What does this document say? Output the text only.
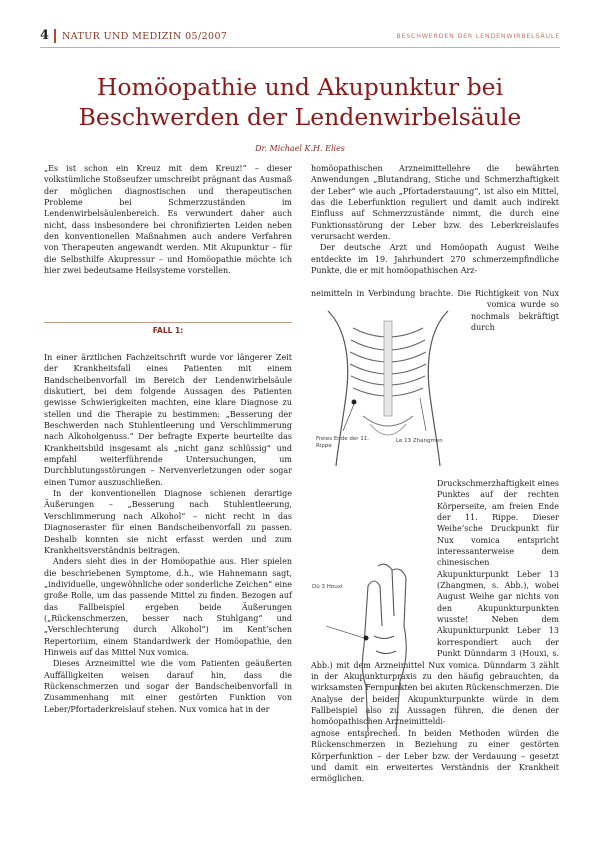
4	NATUR UND MEDIZIN 05/2007	BESCHWERDEN DER LENDENWIRBELSÄULE
Homöopathie und Akupunktur bei
Beschwerden der Lendenwirbelsäule
Dr. Michael K.H. Elies

„Es ist schon ein Kreuz mit dem Kreuz!“ – dieser volkstümliche Stoßseufzer umschreibt prägnant das Ausmaß der möglichen diagnostischen und therapeutischen Probleme bei Schmerzzuständen im Lendenwirbelsäulenbereich. Es verwundert daher auch nicht, dass insbesondere bei chronifizierten Leiden neben den konventionellen Maßnahmen auch andere Verfahren von Therapeuten angewandt werden. Mit Akupunktur – für die Selbsthilfe Akupressur – und Homöopathie möchte ich hier zwei bedeutsame Heilsysteme vorstellen.

FALL 1:

In einer ärztlichen Fachzeitschrift wurde vor längerer Zeit der Krankheitsfall eines Patienten mit einem Bandscheibenvorfall im Bereich der Lendenwirbelsäule diskutiert, bei dem folgende Aussagen des Patienten gewisse Schwierigkeiten machten, eine klare Diagnose zu stellen und die Therapie zu bestimmen: „Besserung der Beschwerden nach Stuhlentleerung und Verschlimmerung nach Alkoholgenuss.“ Der befragte Experte beurteilte das Krankheitsbild insgesamt als „nicht ganz schlüssig“ und empfahl weiterführende Untersuchungen, um Durchblutungsstörungen – Nervenverletzungen oder sogar einen Tumor auszuschließen.

In der konventionellen Diagnose schienen derartige Äußerungen – „Besserung nach Stuhlentleerung, Verschlimmerung nach Alkohol“ – nicht recht in das Diagnoseraster für einen Bandscheibenvorfall zu passen. Deshalb konnten sie nicht erfasst werden und zum Krankheitsverständnis beitragen.

Anders sieht dies in der Homöopathie aus. Hier spielen die beschriebenen Symptome, d.h., wie Hahnemann sagt, „individuelle, ungewöhnliche oder sonderliche Zeichen“ eine große Rolle, um das passende Mittel zu finden. Bezogen auf das Fallbeispiel ergeben beide Äußerungen („Rückenschmerzen, besser nach Stuhlgang“ und „Verschlechterung durch Alkohol“) im Kent’schen Repertorium, einem Standardwerk der Homöopathie, den Hinweis auf das Mittel Nux vomica.

Dieses Arzneimittel wie die vom Patienten geäußerten Auffälligkeiten weisen darauf hin, dass die Rückenschmerzen und sogar der Bandscheibenvorfall in Zusammenhang mit einer gestörten Funktion von Leber/Pfortaderkreislauf stehen. Nux vomica hat in der

homöopathischen Arzneimittellehre die bewährten Anwendungen „Blutandrang, Stiche und Schmerzhaftigkeit der Leber“ wie auch „Pfortaderstauung“, ist also ein Mittel, das die Leberfunktion reguliert und damit auch indirekt Einfluss auf Schmerzzustände nimmt, die durch eine Funktionsstörung der Leber bzw. des Leberkreislaufes verursacht werden.

Der deutsche Arzt und Homöopath August Weihe entdeckte im 19. Jahrhundert 270 schmerzempfindliche Punkte, die er mit homöopathischen Arz-

neimitteln in Verbindung brachte. Die Richtigkeit von Nux vomica wurde so nochmals bekräftigt durch Druckschmerzhaftigkeit eines Punktes auf der rechten Körperseite, am freien Ende der 11. Rippe. Dieser Weihe’sche Druckpunkt für Nux vomica entspricht interessanterweise dem chinesischen Akupunkturpunkt Leber 13 (Zhangmen, s. Abb.), wobei August Weihe gar nichts von den Akupunkturpunkten wusste! Neben dem Akupunkturpunkt Leber 13 korrespondiert auch der Punkt Dünndarm 3 (Houxi, s. Abb.) mit dem Arzneimittel Nux vomica. Dünndarm 3 zählt in der Akupunkturpraxis zu den häufig gebrauchten, da wirksamsten Fernpunkten bei akuten Rückenschmerzen. Die Analyse der beiden Akupunkturpunkte würde in dem Fallbeispiel also zu Aussagen führen, die denen der homöopathischen Arzneimitteldi-

agnose entsprechen. In beiden Methoden würden die Rückenschmerzen in Beziehung zu einer gestörten Körperfunktion – der Leber bzw. der Verdauung – gesetzt und damit ein erweitertes Verständnis der Krankheit ermöglichen.

Freies Ende der 11. Rippe
Le 13 Zhangmen
Dü 3 Houxi
